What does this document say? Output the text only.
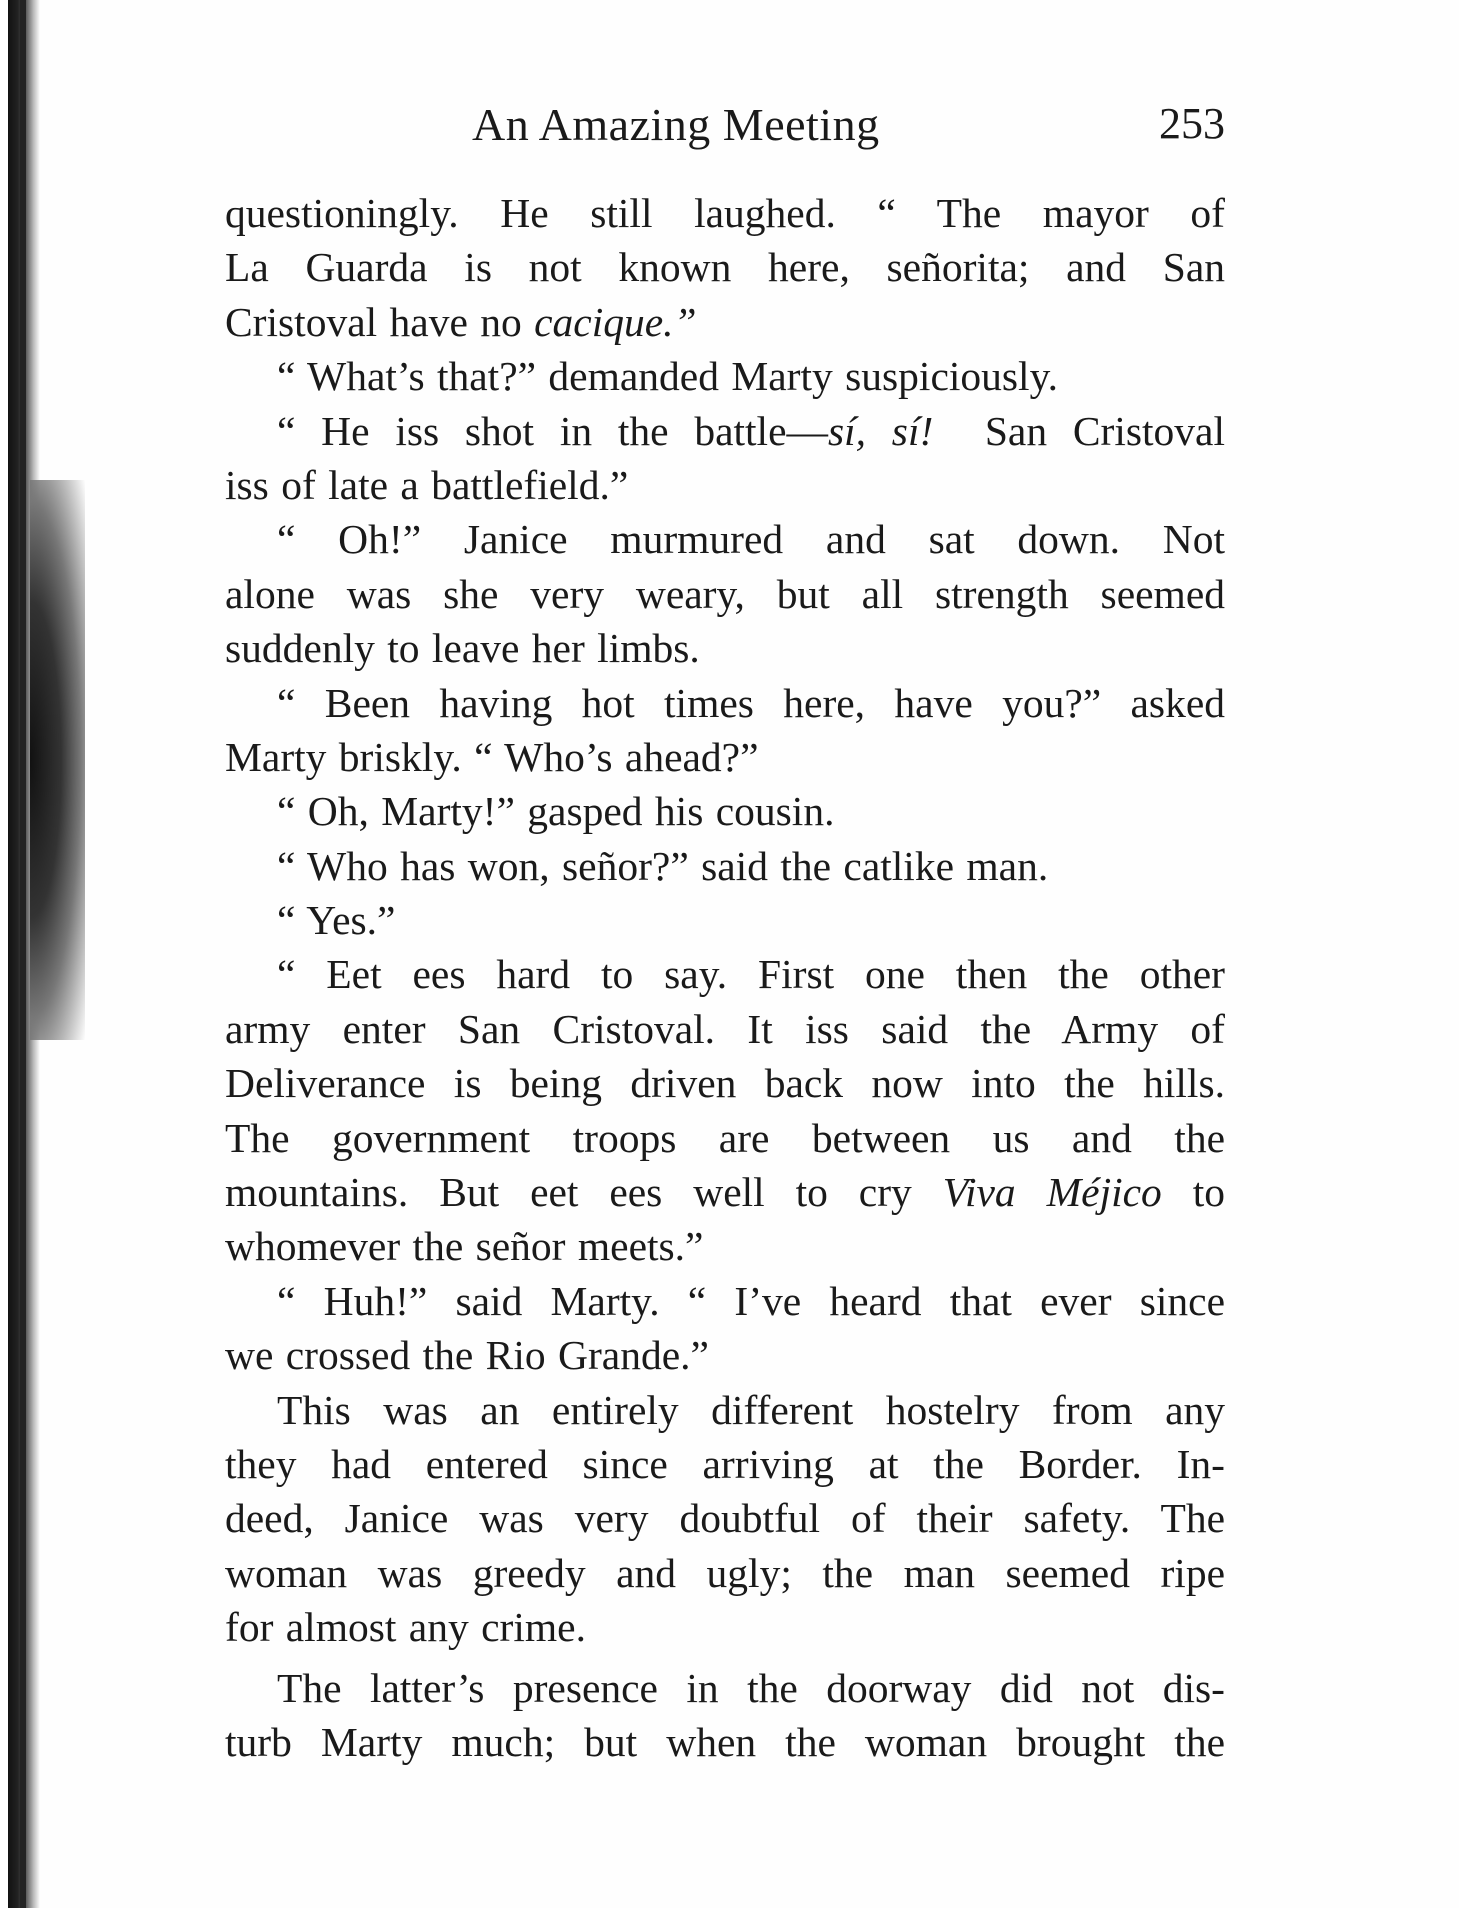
An Amazing Meeting	253
questioningly. He still laughed. “ The mayor of
La Guarda is not known here, señorita; and San
Cristoval have no cacique.”
“ What’s that?” demanded Marty suspiciously.
“ He iss shot in the battle—sí, sí!  San Cristoval
iss of late a battlefield.”
“ Oh!” Janice murmured and sat down. Not
alone was she very weary, but all strength seemed
suddenly to leave her limbs.
“ Been having hot times here, have you?” asked
Marty briskly. “ Who’s ahead?”
“ Oh, Marty!” gasped his cousin.
“ Who has won, señor?” said the catlike man.
“ Yes.”
“ Eet ees hard to say. First one then the other
army enter San Cristoval. It iss said the Army of
Deliverance is being driven back now into the hills.
The government troops are between us and the
mountains. But eet ees well to cry Viva Méjico to
whomever the señor meets.”
“ Huh!” said Marty. “ I’ve heard that ever since
we crossed the Rio Grande.”
This was an entirely different hostelry from any
they had entered since arriving at the Border. In-
deed, Janice was very doubtful of their safety. The
woman was greedy and ugly; the man seemed ripe
for almost any crime.
The latter’s presence in the doorway did not dis-
turb Marty much; but when the woman brought the
